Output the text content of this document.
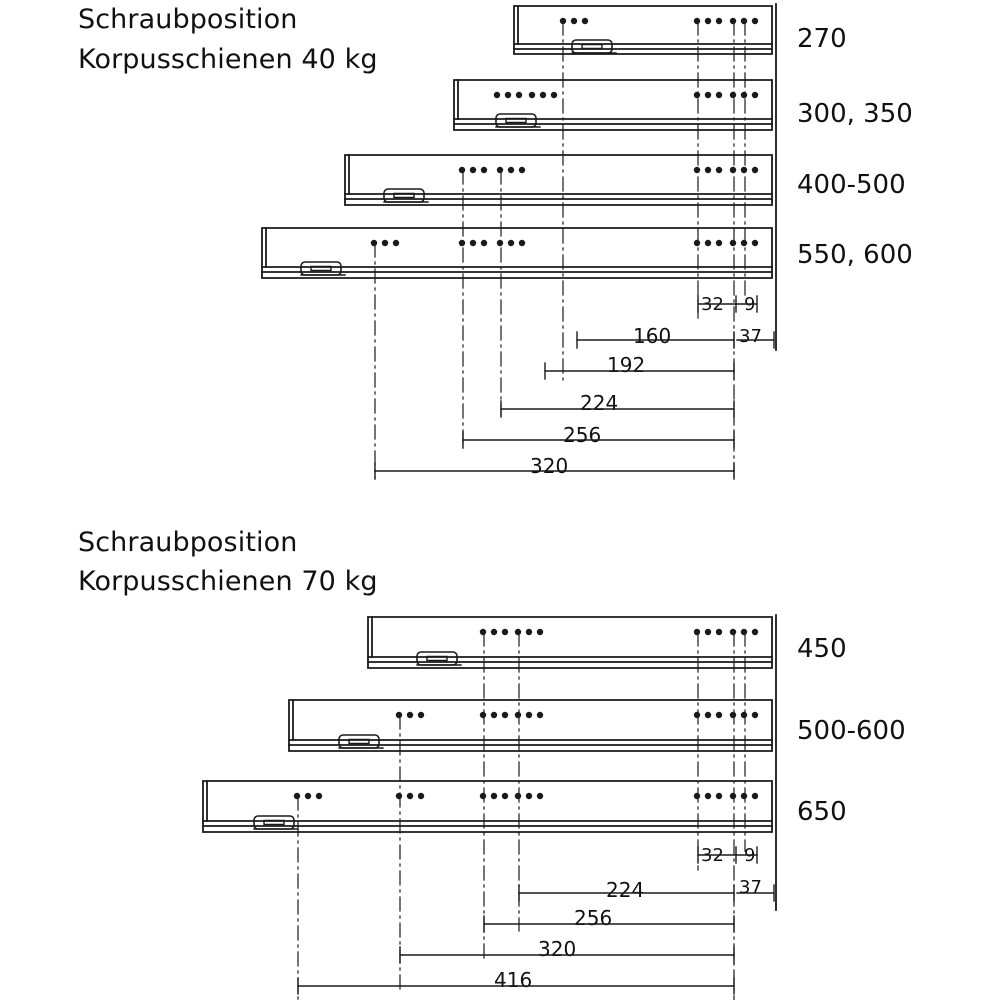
Schraubposition
Korpusschienen 40 kg
270
300, 350
400-500
550, 600
32 9
160	37
192
224
256
320
Schraubposition
Korpusschienen 70 kg
450
500-600
650
32 9
224	37
256
320
416
